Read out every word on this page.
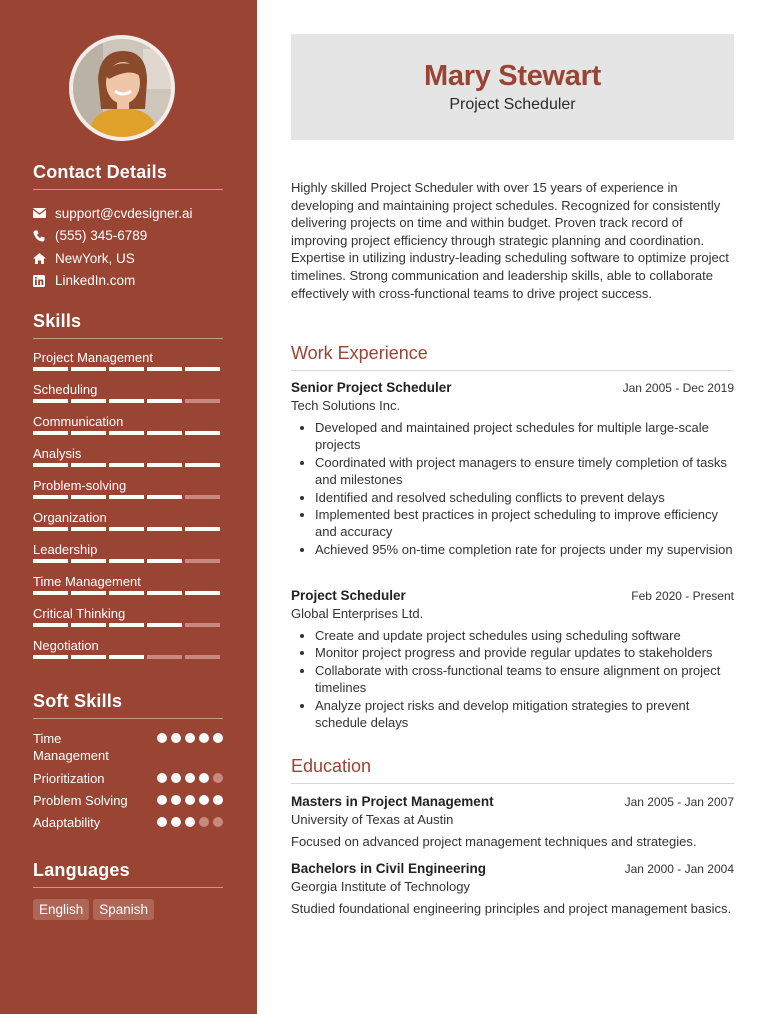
Contact Details
support@cvdesigner.ai
(555) 345-6789
NewYork, US
LinkedIn.com
Skills
Project Management
Scheduling
Communication
Analysis
Problem-solving
Organization
Leadership
Time Management
Critical Thinking
Negotiation
Soft Skills
Time Management
Prioritization
Problem Solving
Adaptability
Languages
English Spanish
Mary Stewart
Project Scheduler
Highly skilled Project Scheduler with over 15 years of experience in developing and maintaining project schedules. Recognized for consistently delivering projects on time and within budget. Proven track record of improving project efficiency through strategic planning and coordination. Expertise in utilizing industry-leading scheduling software to optimize project timelines. Strong communication and leadership skills, able to collaborate effectively with cross-functional teams to drive project success.
Work Experience
Senior Project Scheduler	Jan 2005 - Dec 2019
Tech Solutions Inc.
• Developed and maintained project schedules for multiple large-scale projects
• Coordinated with project managers to ensure timely completion of tasks and milestones
• Identified and resolved scheduling conflicts to prevent delays
• Implemented best practices in project scheduling to improve efficiency and accuracy
• Achieved 95% on-time completion rate for projects under my supervision
Project Scheduler	Feb 2020 - Present
Global Enterprises Ltd.
• Create and update project schedules using scheduling software
• Monitor project progress and provide regular updates to stakeholders
• Collaborate with cross-functional teams to ensure alignment on project timelines
• Analyze project risks and develop mitigation strategies to prevent schedule delays
Education
Masters in Project Management	Jan 2005 - Jan 2007
University of Texas at Austin
Focused on advanced project management techniques and strategies.
Bachelors in Civil Engineering	Jan 2000 - Jan 2004
Georgia Institute of Technology
Studied foundational engineering principles and project management basics.
